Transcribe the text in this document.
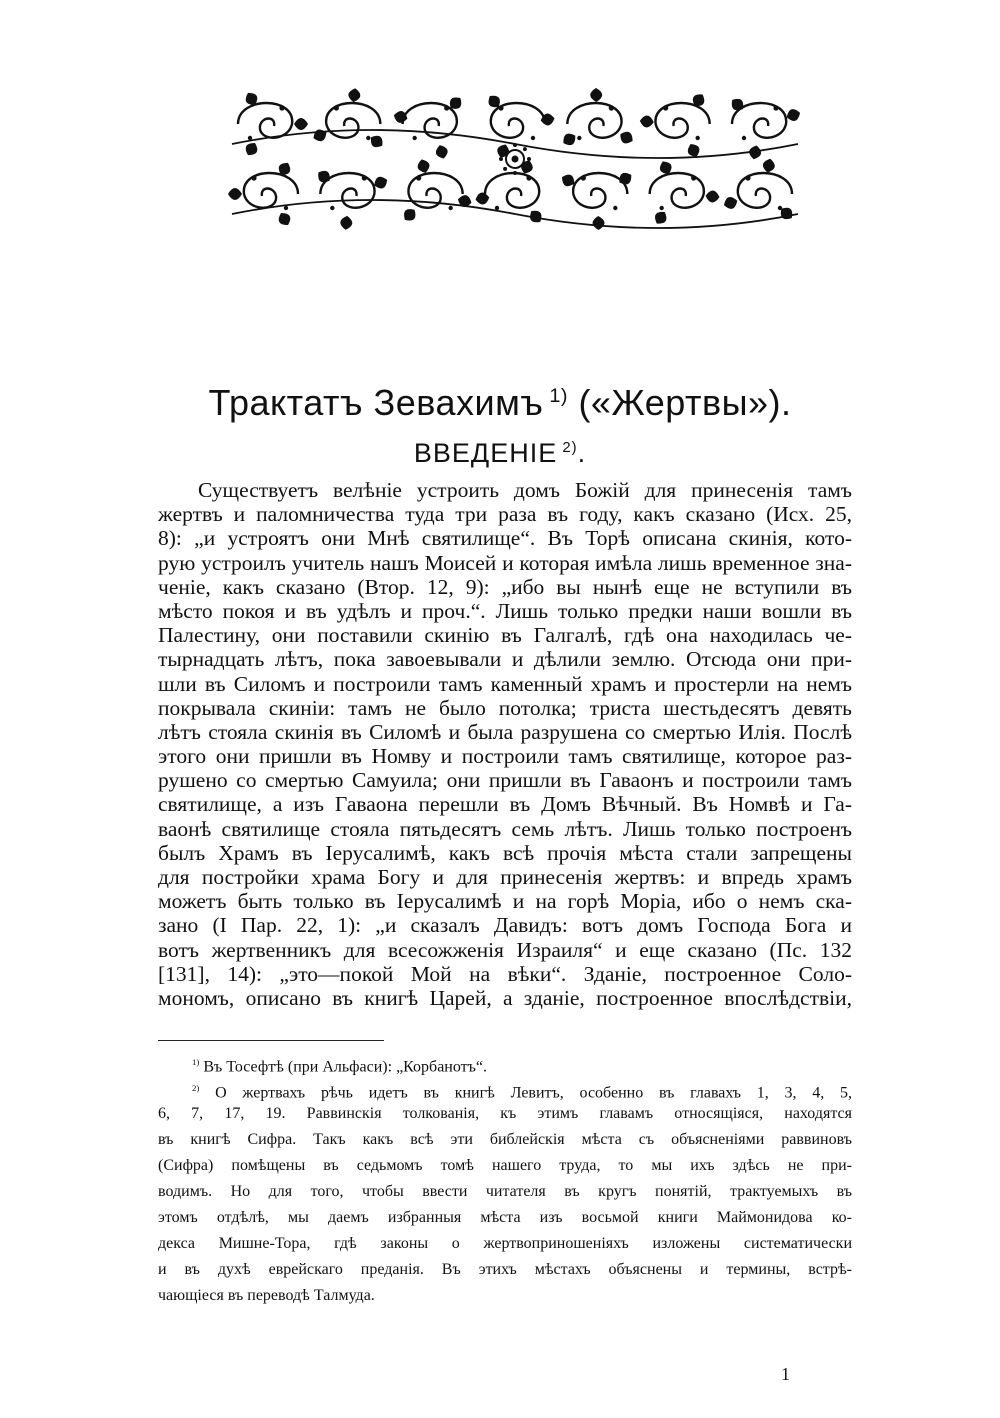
Трактатъ Зевахимъ $^{1)}$ («Жертвы»).
ВВЕДЕНІЕ $^{2)}$.
Существуетъ велѣніе устроить домъ Божій для принесенія тамъ
жертвъ и паломничества туда три раза въ году, какъ сказано (Исх. 25,
8): „и устроятъ они Мнѣ святилище“. Въ Торѣ описана скинія, кото-
рую устроилъ учитель нашъ Моисей и которая имѣла лишь временное зна-
ченіе, какъ сказано (Втор. 12, 9): „ибо вы нынѣ еще не вступили въ
мѣсто покоя и въ удѣлъ и проч.“. Лишь только предки наши вошли въ
Палестину, они поставили скинію въ Галгалѣ, гдѣ она находилась че-
тырнадцать лѣтъ, пока завоевывали и дѣлили землю. Отсюда они при-
шли въ Силомъ и построили тамъ каменный храмъ и простерли на немъ
покрывала скиніи: тамъ не было потолка; триста шестьдесятъ девять
лѣтъ стояла скинія въ Силомѣ и была разрушена со смертью Илія. Послѣ
этого они пришли въ Номву и построили тамъ святилище, которое раз-
рушено со смертью Самуила; они пришли въ Гаваонъ и построили тамъ
святилище, а изъ Гаваона перешли въ Домъ Вѣчный. Въ Номвѣ и Га-
ваонѣ святилище стояла пятьдесятъ семь лѣтъ. Лишь только построенъ
былъ Храмъ въ Іерусалимѣ, какъ всѣ прочія мѣста стали запрещены
для постройки храма Богу и для принесенія жертвъ: и впредь храмъ
можетъ быть только въ Іерусалимѣ и на горѣ Моріа, ибо о немъ ска-
зано (I Пар. 22, 1): „и сказалъ Давидъ: вотъ домъ Господа Бога и
вотъ жертвенникъ для всесожженія Израиля“ и еще сказано (Пс. 132
[131], 14): „это—покой Мой на вѣки“. Зданіе, построенное Соло-
мономъ, описано въ книгѣ Царей, а зданіе, построенное впослѣдствіи,
$^{1)}$ Въ Тосефтѣ (при Альфаси): „Корбанотъ“.
$^{2)}$ О жертвахъ рѣчь идетъ въ книгѣ Левитъ, особенно въ главахъ 1, 3, 4, 5,
6, 7, 17, 19. Раввинскія толкованія, къ этимъ главамъ относящіяся, находятся
въ книгѣ Сифра. Такъ какъ всѣ эти библейскія мѣста съ объясненіями раввиновъ
(Сифра) помѣщены въ седьмомъ томѣ нашего труда, то мы ихъ здѣсь не при-
водимъ. Но для того, чтобы ввести читателя въ кругъ понятій, трактуемыхъ въ
этомъ отдѣлѣ, мы даемъ избранныя мѣста изъ восьмой книги Маймонидова ко-
декса Мишне-Тора, гдѣ законы о жертвоприношеніяхъ изложены систематически
и въ духѣ еврейскаго преданія. Въ этихъ мѣстахъ объяснены и термины, встрѣ-
чающіеся въ переводѣ Талмуда.
1
